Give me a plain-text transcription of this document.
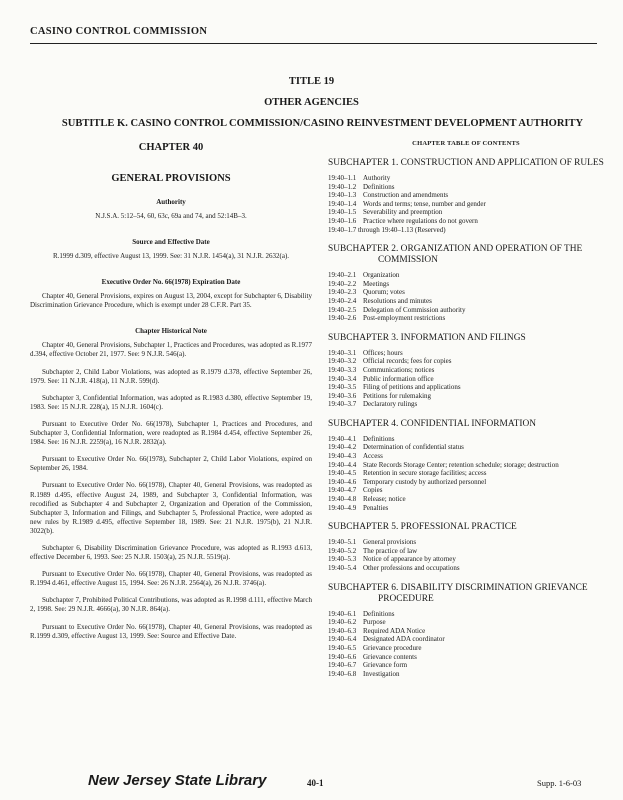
CASINO CONTROL COMMISSION
TITLE 19
OTHER AGENCIES
SUBTITLE K. CASINO CONTROL COMMISSION/CASINO REINVESTMENT DEVELOPMENT AUTHORITY
CHAPTER 40
GENERAL PROVISIONS
Authority

N.J.S.A. 5:12–54, 60, 63c, 69a and 74, and 52:14B–3.

Source and Effective Date

R.1999 d.309, effective August 13, 1999. See: 31 N.J.R. 1454(a), 31 N.J.R. 2632(a).

Executive Order No. 66(1978) Expiration Date

Chapter 40, General Provisions, expires on August 13, 2004, except for Subchapter 6, Disability Discrimination Grievance Procedure, which is exempt under 28 C.F.R. Part 35.

Chapter Historical Note

Chapter 40, General Provisions, Subchapter 1, Practices and Procedures, was adopted as R.1977 d.394, effective October 21, 1977. See: 9 N.J.R. 546(a).

Subchapter 2, Child Labor Violations, was adopted as R.1979 d.378, effective September 26, 1979. See: 11 N.J.R. 418(a), 11 N.J.R. 599(d).

Subchapter 3, Confidential Information, was adopted as R.1983 d.380, effective September 19, 1983. See: 15 N.J.R. 228(a), 15 N.J.R. 1604(c).

Pursuant to Executive Order No. 66(1978), Subchapter 1, Practices and Procedures, and Subchapter 3, Confidential Information, were readopted as R.1984 d.454, effective September 26, 1984. See: 16 N.J.R. 2259(a), 16 N.J.R. 2832(a).

Pursuant to Executive Order No. 66(1978), Subchapter 2, Child Labor Violations, expired on September 26, 1984.

Pursuant to Executive Order No. 66(1978), Chapter 40, General Provisions, was readopted as R.1989 d.495, effective August 24, 1989, and Subchapter 3, Confidential Information, was recodified as Subchapter 4 and Subchapter 2, Organization and Operation of the Commission, Subchapter 3, Information and Filings, and Subchapter 5, Professional Practice, were adopted as new rules by R.1989 d.495, effective September 18, 1989. See: 21 N.J.R. 1975(b), 21 N.J.R. 3022(b).

Subchapter 6, Disability Discrimination Grievance Procedure, was adopted as R.1993 d.613, effective December 6, 1993. See: 25 N.J.R. 1503(a), 25 N.J.R. 5519(a).

Pursuant to Executive Order No. 66(1978), Chapter 40, General Provisions, was readopted as R.1994 d.461, effective August 15, 1994. See: 26 N.J.R. 2564(a), 26 N.J.R. 3746(a).

Subchapter 7, Prohibited Political Contributions, was adopted as R.1998 d.111, effective March 2, 1998. See: 29 N.J.R. 4666(a), 30 N.J.R. 864(a).

Pursuant to Executive Order No. 66(1978), Chapter 40, General Provisions, was readopted as R.1999 d.309, effective August 13, 1999. See: Source and Effective Date.

CHAPTER TABLE OF CONTENTS
SUBCHAPTER 1. CONSTRUCTION AND APPLICATION OF RULES
19:40–1.1 Authority
19:40–1.2 Definitions
19:40–1.3 Construction and amendments
19:40–1.4 Words and terms; tense, number and gender
19:40–1.5 Severability and preemption
19:40–1.6 Practice where regulations do not govern
19:40–1.7 through 19:40–1.13 (Reserved)
SUBCHAPTER 2. ORGANIZATION AND OPERATION OF THE COMMISSION
19:40–2.1 Organization
19:40–2.2 Meetings
19:40–2.3 Quorum; votes
19:40–2.4 Resolutions and minutes
19:40–2.5 Delegation of Commission authority
19:40–2.6 Post-employment restrictions
SUBCHAPTER 3. INFORMATION AND FILINGS
19:40–3.1 Offices; hours
19:40–3.2 Official records; fees for copies
19:40–3.3 Communications; notices
19:40–3.4 Public information office
19:40–3.5 Filing of petitions and applications
19:40–3.6 Petitions for rulemaking
19:40–3.7 Declaratory rulings
SUBCHAPTER 4. CONFIDENTIAL INFORMATION
19:40–4.1 Definitions
19:40–4.2 Determination of confidential status
19:40–4.3 Access
19:40–4.4 State Records Storage Center; retention schedule; storage; destruction
19:40–4.5 Retention in secure storage facilities; access
19:40–4.6 Temporary custody by authorized personnel
19:40–4.7 Copies
19:40–4.8 Release; notice
19:40–4.9 Penalties
SUBCHAPTER 5. PROFESSIONAL PRACTICE
19:40–5.1 General provisions
19:40–5.2 The practice of law
19:40–5.3 Notice of appearance by attorney
19:40–5.4 Other professions and occupations
SUBCHAPTER 6. DISABILITY DISCRIMINATION GRIEVANCE PROCEDURE
19:40–6.1 Definitions
19:40–6.2 Purpose
19:40–6.3 Required ADA Notice
19:40–6.4 Designated ADA coordinator
19:40–6.5 Grievance procedure
19:40–6.6 Grievance contents
19:40–6.7 Grievance form
19:40–6.8 Investigation
New Jersey State Library	40-1	Supp. 1-6-03
